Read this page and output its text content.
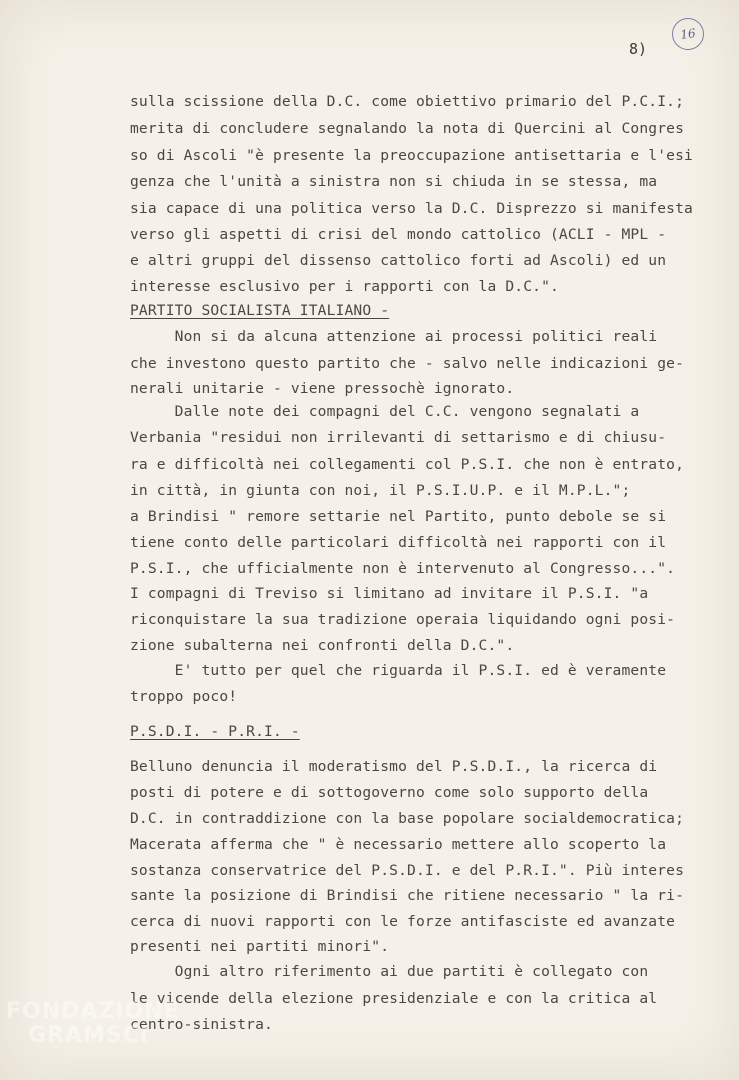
8)
16
sulla scissione della D.C. come obiettivo primario del P.C.I.;
merita di concludere segnalando la nota di Quercini al Congres
so di Ascoli "è presente la preoccupazione antisettaria e l'esi
genza che l'unità a sinistra non si chiuda in se stessa, ma
sia capace di una politica verso la D.C. Disprezzo si manifesta
verso gli aspetti di crisi del mondo cattolico (ACLI - MPL -
e altri gruppi del dissenso cattolico forti ad Ascoli) ed un
interesse esclusivo per i rapporti con la D.C.".
PARTITO SOCIALISTA ITALIANO -
Non si da alcuna attenzione ai processi politici reali
che investono questo partito che - salvo nelle indicazioni ge-
nerali unitarie - viene pressochè ignorato.
Dalle note dei compagni del C.C. vengono segnalati a
Verbania "residui non irrilevanti di settarismo e di chiusu-
ra e difficoltà nei collegamenti col P.S.I. che non è entrato,
in città, in giunta con noi, il P.S.I.U.P. e il M.P.L.";
a Brindisi " remore settarie nel Partito, punto debole se si
tiene conto delle particolari difficoltà nei rapporti con il
P.S.I., che ufficialmente non è intervenuto al Congresso...".
I compagni di Treviso si limitano ad invitare il P.S.I. "a
riconquistare la sua tradizione operaia liquidando ogni posi-
zione subalterna nei confronti della D.C.".
E' tutto per quel che riguarda il P.S.I. ed è veramente
troppo poco!
P.S.D.I. - P.R.I. -
Belluno denuncia il moderatismo del P.S.D.I., la ricerca di
posti di potere e di sottogoverno come solo supporto della
D.C. in contraddizione con la base popolare socialdemocratica;
Macerata afferma che " è necessario mettere allo scoperto la
sostanza conservatrice del P.S.D.I. e del P.R.I.". Più interes
sante la posizione di Brindisi che ritiene necessario " la ri-
cerca di nuovi rapporti con le forze antifasciste ed avanzate
presenti nei partiti minori".
Ogni altro riferimento ai due partiti è collegato con
le vicende della elezione presidenziale e con la critica al
centro-sinistra.
FONDAZIONE
GRAMSCI
